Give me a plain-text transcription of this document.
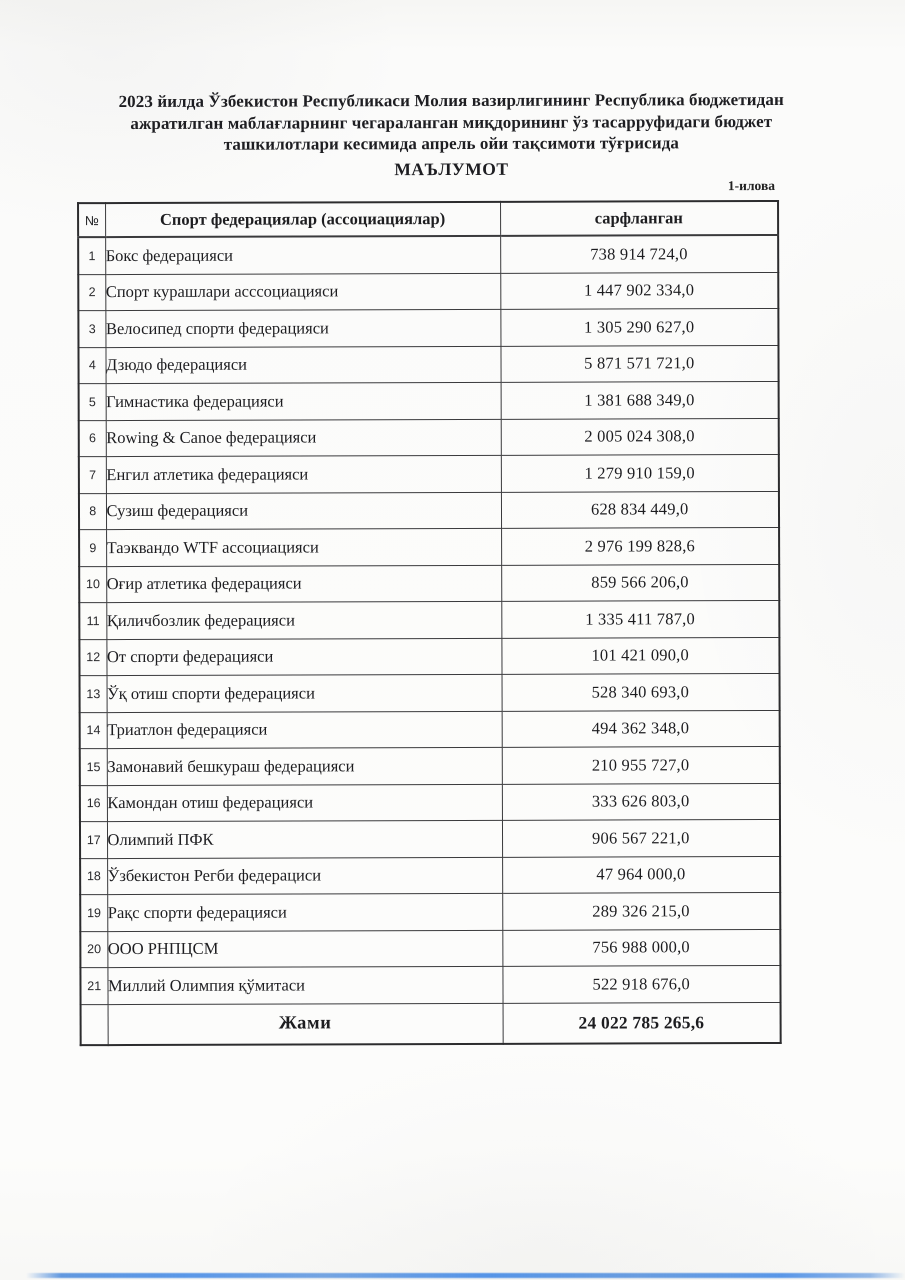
2023 йилда Ўзбекистон Республикаси Молия вазирлигининг Республика бюджетидан
ажратилган маблағларнинг чегараланган миқдорининг ўз тасарруфидаги бюджет
ташкилотлари кесимида апрель ойи тақсимоти тўғрисида
МАЪЛУМОТ
1-илова
№	Спорт федерациялар (ассоциациялар)	сарфланган
1	Бокс федерацияси	738 914 724,0
2	Спорт курашлари асссоциацияси	1 447 902 334,0
3	Велосипед спорти федерацияси	1 305 290 627,0
4	Дзюдо федерацияси	5 871 571 721,0
5	Гимнастика федерацияси	1 381 688 349,0
6	Rowing & Canoe федерацияси	2 005 024 308,0
7	Енгил атлетика федерацияси	1 279 910 159,0
8	Сузиш федерацияси	628 834 449,0
9	Таэквандо WTF ассоциацияси	2 976 199 828,6
10	Оғир атлетика федерацияси	859 566 206,0
11	Қиличбозлик федерацияси	1 335 411 787,0
12	От спорти федерацияси	101 421 090,0
13	Ўқ отиш спорти федерацияси	528 340 693,0
14	Триатлон федерацияси	494 362 348,0
15	Замонавий бешкураш федерацияси	210 955 727,0
16	Камондан отиш федерацияси	333 626 803,0
17	Олимпий ПФК	906 567 221,0
18	Ўзбекистон Регби федерациси	47 964 000,0
19	Рақс спорти федерацияси	289 326 215,0
20	ООО РНПЦСМ	756 988 000,0
21	Миллий Олимпия қўмитаси	522 918 676,0
	Жами	24 022 785 265,6
